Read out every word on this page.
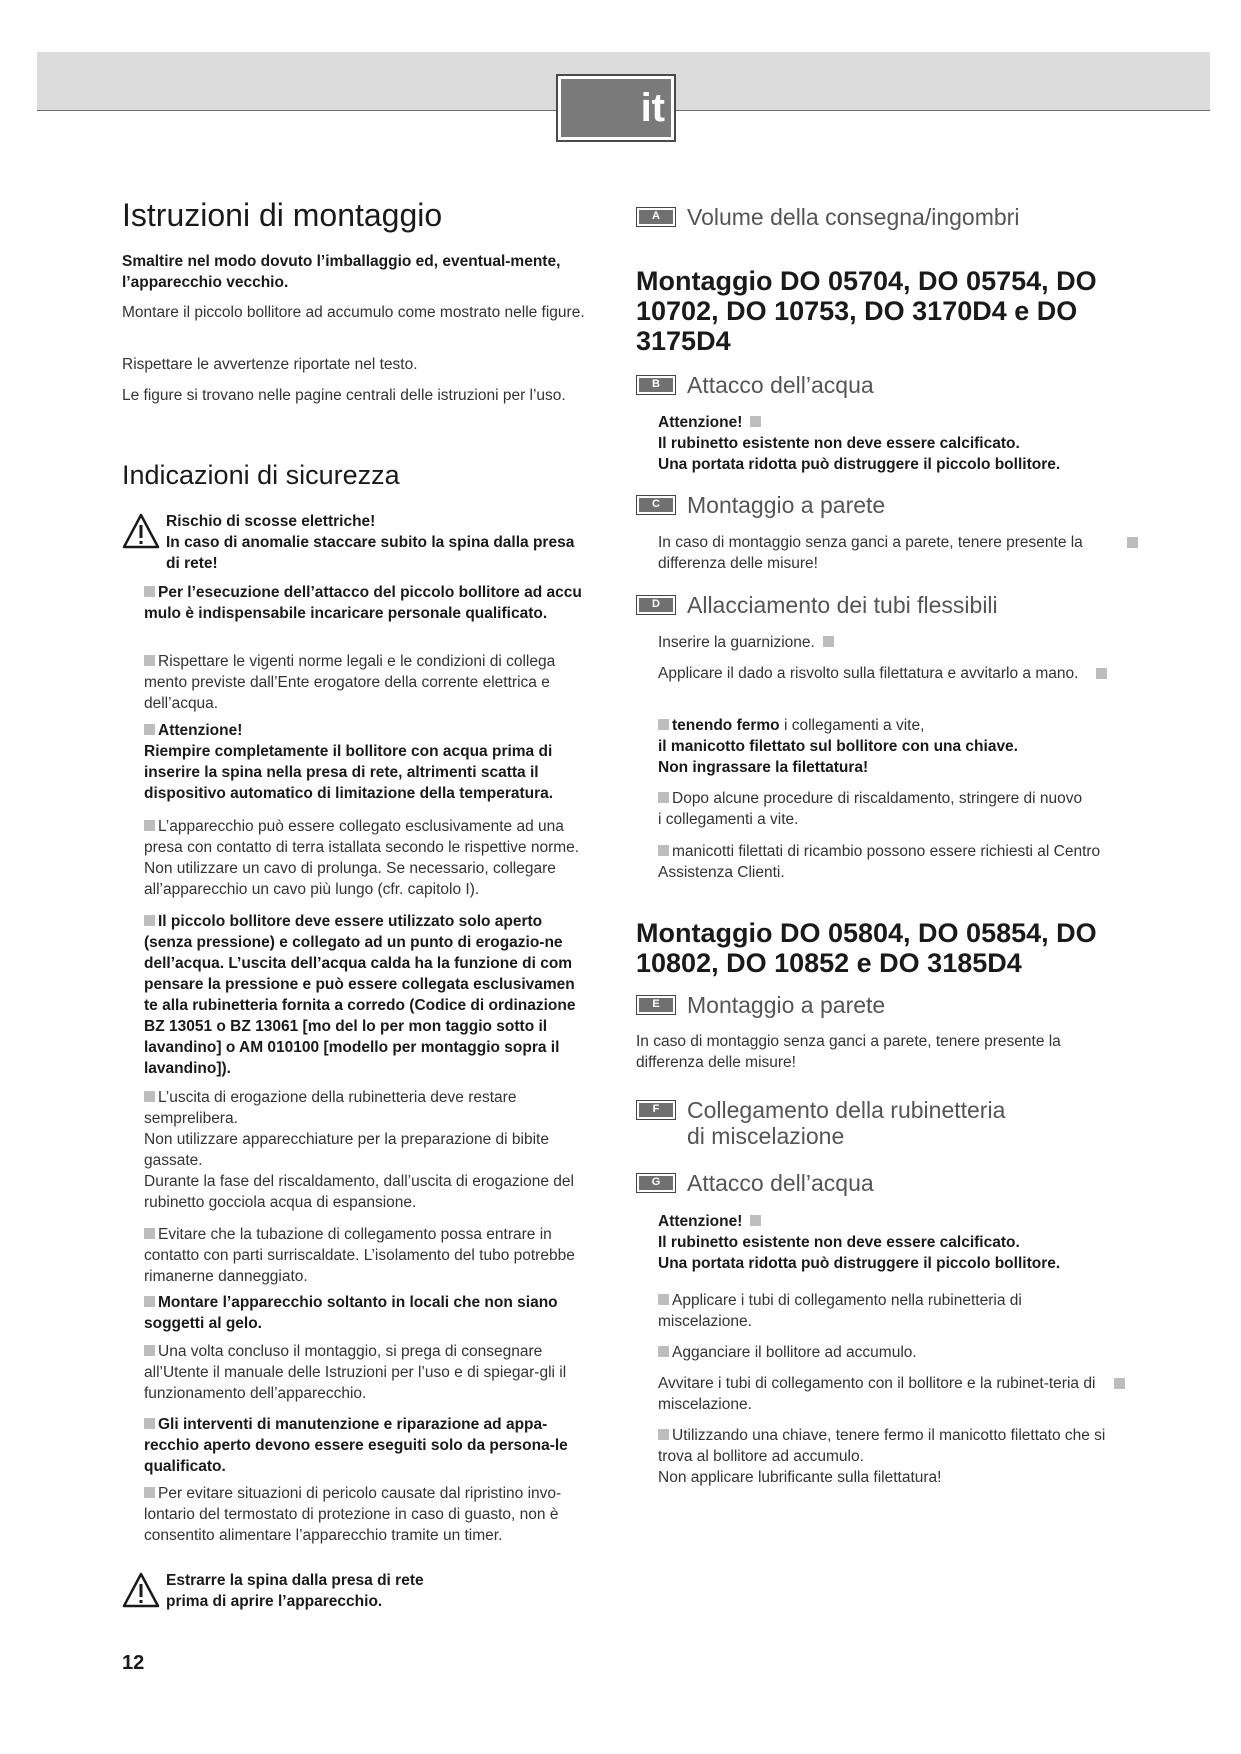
it
Istruzioni di montaggio

Smaltire nel modo dovuto l’imballaggio ed, eventual-mente, l’apparecchio vecchio.

Montare il piccolo bollitore ad accumulo come mostrato nelle figure.

Rispettare le avvertenze riportate nel testo.

Le figure si trovano nelle pagine centrali delle istruzioni per l’uso.

Indicazioni di sicurezza

Rischio di scosse elettriche!

In caso di anomalie staccare subito la spina dalla presa di rete!

Per l’esecuzione dell’attacco del piccolo bollitore ad accu mulo è indispensabile incaricare personale qualificato.

Rispettare le vigenti norme legali e le condizioni di collega mento previste dall’Ente erogatore della corrente elettrica e dell’acqua.

Attenzione!

Riempire completamente il bollitore con acqua prima di inserire la spina nella presa di rete, altrimenti scatta il dispositivo automatico di limitazione della temperatura.

L’apparecchio può essere collegato esclusivamente ad una presa con contatto di terra istallata secondo le rispettive norme. Non utilizzare un cavo di prolunga. Se necessario, collegare all’apparecchio un cavo più lungo (cfr. capitolo I).

Il piccolo bollitore deve essere utilizzato solo aperto (senza pressione) e collegato ad un punto di erogazio-ne dell’acqua. L’uscita dell’acqua calda ha la funzione di com pensare la pressione e può essere collegata esclusivamen te alla rubinetteria fornita a corredo (Codice di ordinazione BZ 13051 o BZ 13061 [mo del lo per mon taggio sotto il lavandino] o AM 010100 [modello per montaggio sopra il lavandino]).

L’uscita di erogazione della rubinetteria deve restare semprelibera.

Non utilizzare apparecchiature per la preparazione di bibite gassate.

Durante la fase del riscaldamento, dall’uscita di erogazione del rubinetto gocciola acqua di espansione.

Evitare che la tubazione di collegamento possa entrare in contatto con parti surriscaldate. L’isolamento del tubo potrebbe rimanerne danneggiato.

Montare l’apparecchio soltanto in locali che non siano soggetti al gelo.

Una volta concluso il montaggio, si prega di consegnare all’Utente il manuale delle Istruzioni per l’uso e di spiegar-gli il funzionamento dell’apparecchio.

Gli interventi di manutenzione e riparazione ad appa-recchio aperto devono essere eseguiti solo da persona-le qualificato.

Per evitare situazioni di pericolo causate dal ripristino invo-lontario del termostato di protezione in caso di guasto, non è consentito alimentare l’apparecchio tramite un timer.

Estrarre la spina dalla presa di rete

prima di aprire l’apparecchio.

A	Volume della consegna/ingombri
Montaggio DO 05704, DO 05754, DO 10702, DO 10753, DO 3170D4 e DO 3175D4
B	Attacco dell’acqua

Attenzione!

Il rubinetto esistente non deve essere calcificato.

Una portata ridotta può distruggere il piccolo bollitore.

C	Montaggio a parete

In caso di montaggio senza ganci a parete, tenere presente la differenza delle misure!

D	Allacciamento dei tubi flessibili

Inserire la guarnizione.

Applicare il dado a risvolto sulla filettatura e avvitarlo a mano.

tenendo fermo i collegamenti a vite,

il manicotto filettato sul bollitore con una chiave.

Non ingrassare la filettatura!

Dopo alcune procedure di riscaldamento, stringere di nuovo i collegamenti a vite.

manicotti filettati di ricambio possono essere richiesti al Centro Assistenza Clienti.

Montaggio DO 05804, DO 05854, DO 10802, DO 10852 e DO 3185D4
E	Montaggio a parete

In caso di montaggio senza ganci a parete, tenere presente la differenza delle misure!

F	Collegamento della rubinetteria
di miscelazione
G	Attacco dell’acqua

Attenzione!

Il rubinetto esistente non deve essere calcificato.

Una portata ridotta può distruggere il piccolo bollitore.

Applicare i tubi di collegamento nella rubinetteria di miscelazione.

Agganciare il bollitore ad accumulo.

Avvitare i tubi di collegamento con il bollitore e la rubinet-teria di miscelazione.

Utilizzando una chiave, tenere fermo il manicotto filettato che si trova al bollitore ad accumulo.

Non applicare lubrificante sulla filettatura!

12
